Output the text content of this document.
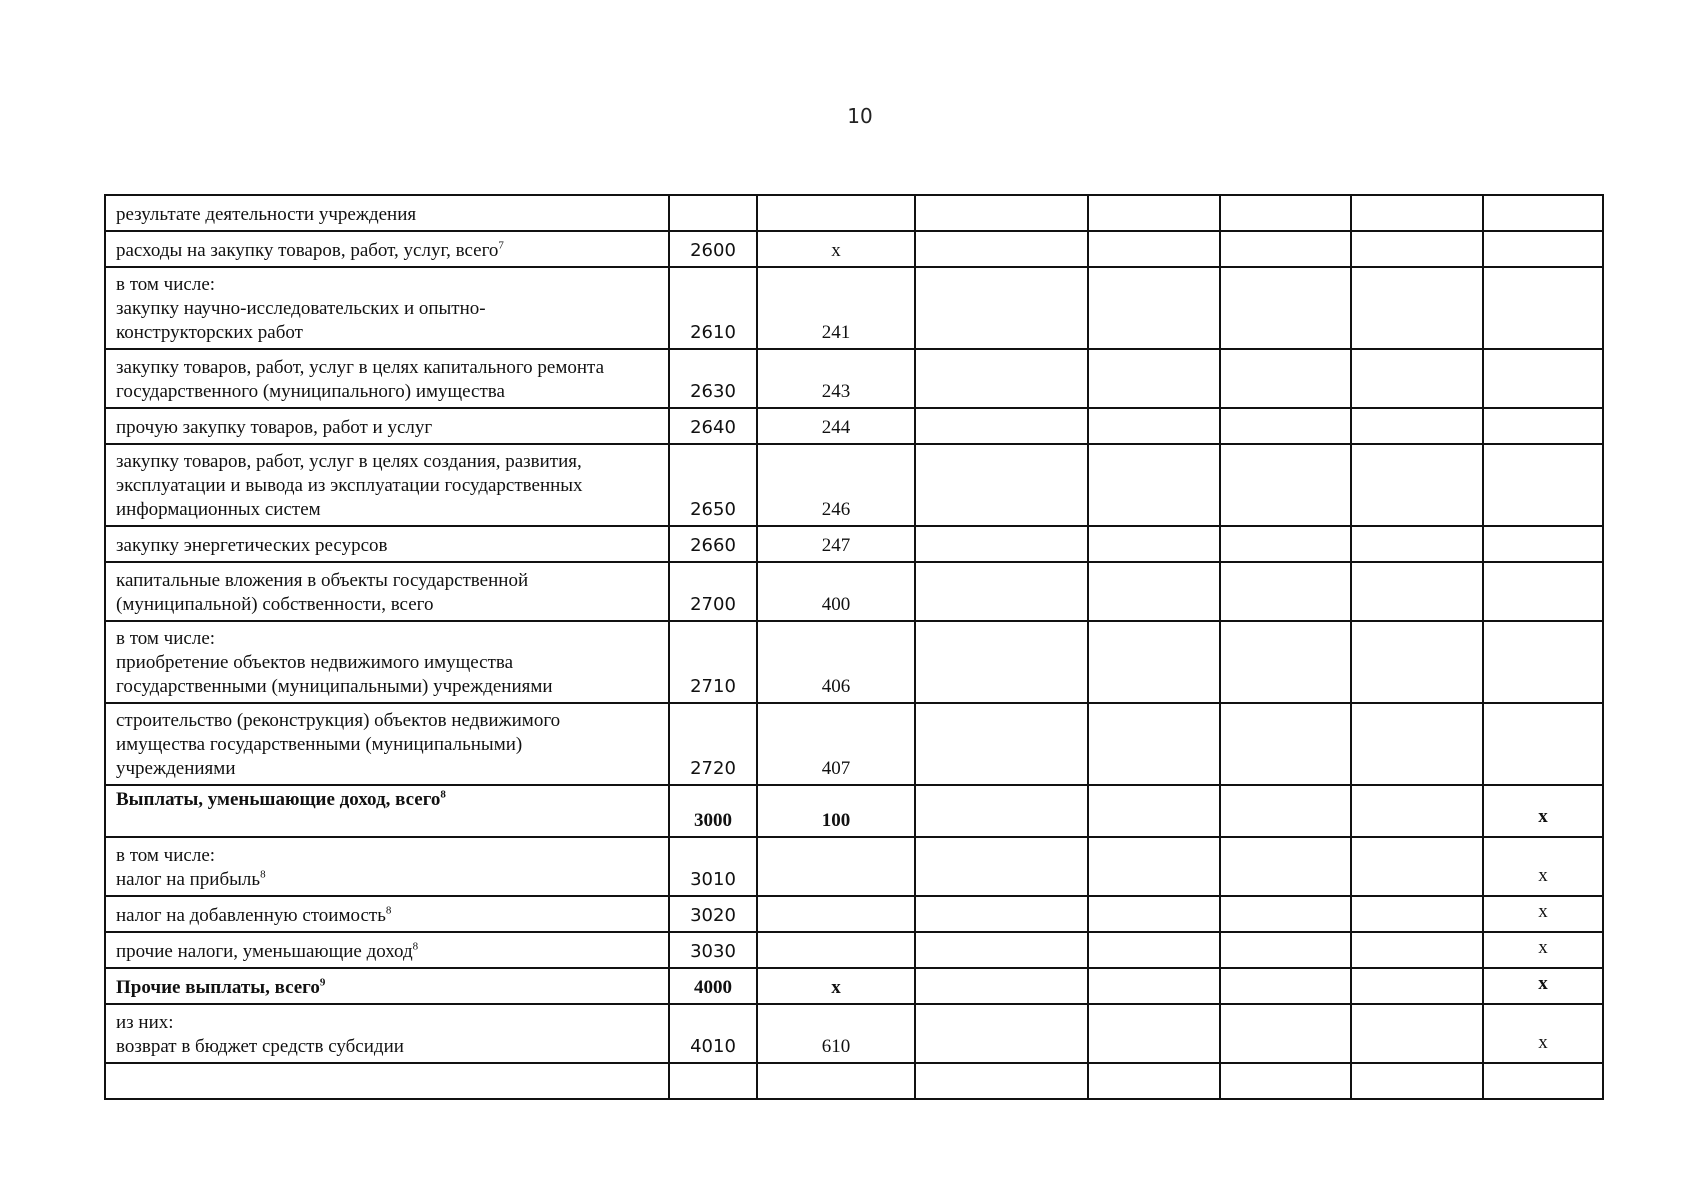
10
результате деятельности учреждения							

расходы на закупку товаров, работ, услуг, всего$^7$	2600	х					

в том числе:
закупку научно-исследовательских и опытно-
конструкторских работ	2610	241					

закупку товаров, работ, услуг в целях капитального ремонта
государственного (муниципального) имущества	2630	243					

прочую закупку товаров, работ и услуг	2640	244					

закупку товаров, работ, услуг в целях создания, развития,
эксплуатации и вывода из эксплуатации государственных
информационных систем	2650	246					

закупку энергетических ресурсов	2660	247					

капитальные вложения в объекты государственной
(муниципальной) собственности, всего	2700	400					

в том числе:
приобретение объектов недвижимого имущества
государственными (муниципальными) учреждениями	2710	406					

строительство (реконструкция) объектов недвижимого
имущества государственными (муниципальными)
учреждениями	2720	407					

Выплаты, уменьшающие доход, всего$^8$	3000	100					х

в том числе:
налог на прибыль$^8$	3010						х

налог на добавленную стоимость$^8$	3020						х

прочие налоги, уменьшающие доход$^8$	3030						х

Прочие выплаты, всего$^9$	4000	х					х

из них:
возврат в бюджет средств субсидии	4010	610					х
